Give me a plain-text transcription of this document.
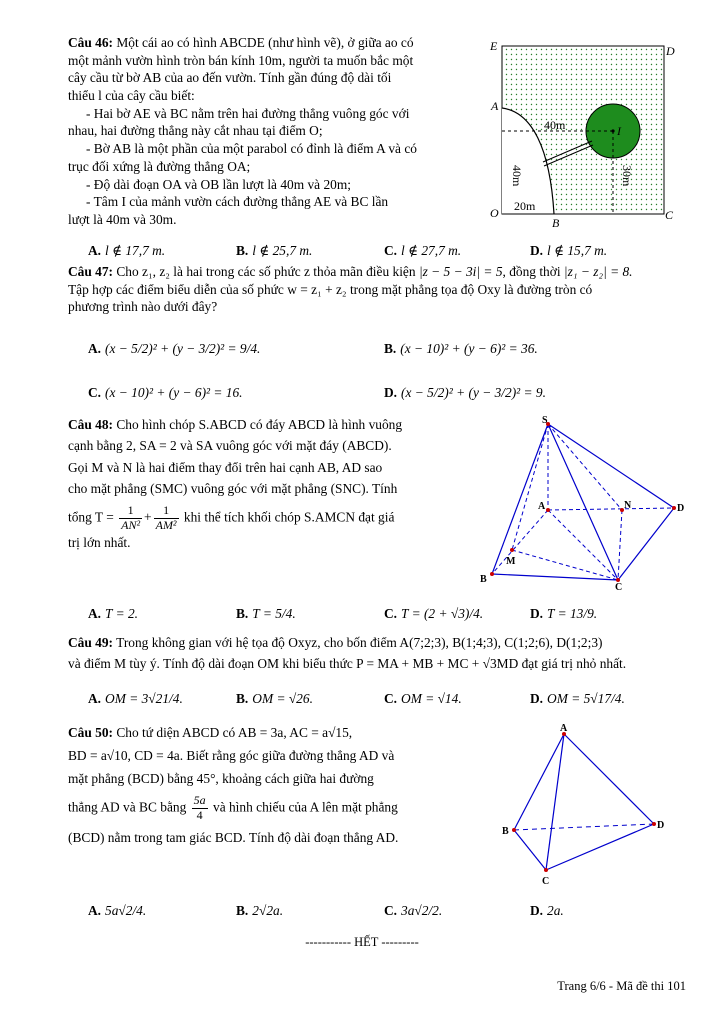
Câu 46: Một cái ao có hình ABCDE (như hình vẽ), ở giữa ao có
một mảnh vườn hình tròn bán kính 10m, người ta muốn bắc một
cây cầu từ bờ AB của ao đến vườn. Tính gần đúng độ dài tối
thiểu l của cây cầu biết:
- Hai bờ AE và BC nằm trên hai đường thẳng vuông góc với
nhau, hai đường thẳng này cắt nhau tại điểm O;
- Bờ AB là một phần của một parabol có đỉnh là điểm A và có
trục đối xứng là đường thẳng OA;
- Độ dài đoạn OA và OB lần lượt là 40m và 20m;
- Tâm I của mảnh vườn cách đường thẳng AE và BC lần
lượt là 40m và 30m.
E	D
A
I
O
B
C
40m
40m	30m
20m
A. l ∉ 17,7 m.	B. l ∉ 25,7 m.	C. l ∉ 27,7 m.	D. l ∉ 15,7 m.
Câu 47: Cho z₁, z₂ là hai trong các số phức z thỏa mãn điều kiện |z − 5 − 3i| = 5, đồng thời |z₁ − z₂| = 8.
Tập hợp các điểm biểu diễn của số phức w = z₁ + z₂ trong mặt phẳng tọa độ Oxy là đường tròn có
phương trình nào dưới đây?
A. (x − 5/2)² + (y − 3/2)² = 9/4.	B. (x − 10)² + (y − 6)² = 36.
C. (x − 10)² + (y − 6)² = 16.	D. (x − 5/2)² + (y − 3/2)² = 9.
Câu 48: Cho hình chóp S.ABCD có đáy ABCD là hình vuông
cạnh bằng 2, SA = 2 và SA vuông góc với mặt đáy (ABCD).
Gọi M và N là hai điểm thay đổi trên hai cạnh AB, AD sao
cho mặt phẳng (SMC) vuông góc với mặt phẳng (SNC). Tính
tổng $T = \frac{1}{\text{AN²}} + \frac{1}{\text{AM²}}$ khi thể tích khối chóp S.AMCN đạt giá
trị lớn nhất.
S
A	N	D
M
B
C
A. T = 2.	B. T = 5/4.	C. T = (2 + √3)/4.	D. T = 13/9.
Câu 49: Trong không gian với hệ tọa độ Oxyz, cho bốn điểm A(7;2;3), B(1;4;3), C(1;2;6), D(1;2;3)
và điểm M tùy ý. Tính độ dài đoạn OM khi biểu thức P = MA + MB + MC + √3MD đạt giá trị nhỏ nhất.
A. OM = 3√21/4.	B. OM = √26.	C. OM = √14.	D. OM = 5√17/4.
Câu 50: Cho tứ diện ABCD có AB = 3a, AC = a√15,
BD = a√10, CD = 4a. Biết rằng góc giữa đường thẳng AD và
mặt phẳng (BCD) bằng 45°, khoảng cách giữa hai đường
thẳng AD và BC bằng $\frac{5a}{4}$ và hình chiếu của A lên mặt phẳng
(BCD) nằm trong tam giác BCD. Tính độ dài đoạn thẳng AD.
A
B
C
D
A. 5a√2/4.	B. 2√2a.	C. 3a√2/2.	D. 2a.
----------- HẾT ---------
Trang 6/6 - Mã đề thi 101
